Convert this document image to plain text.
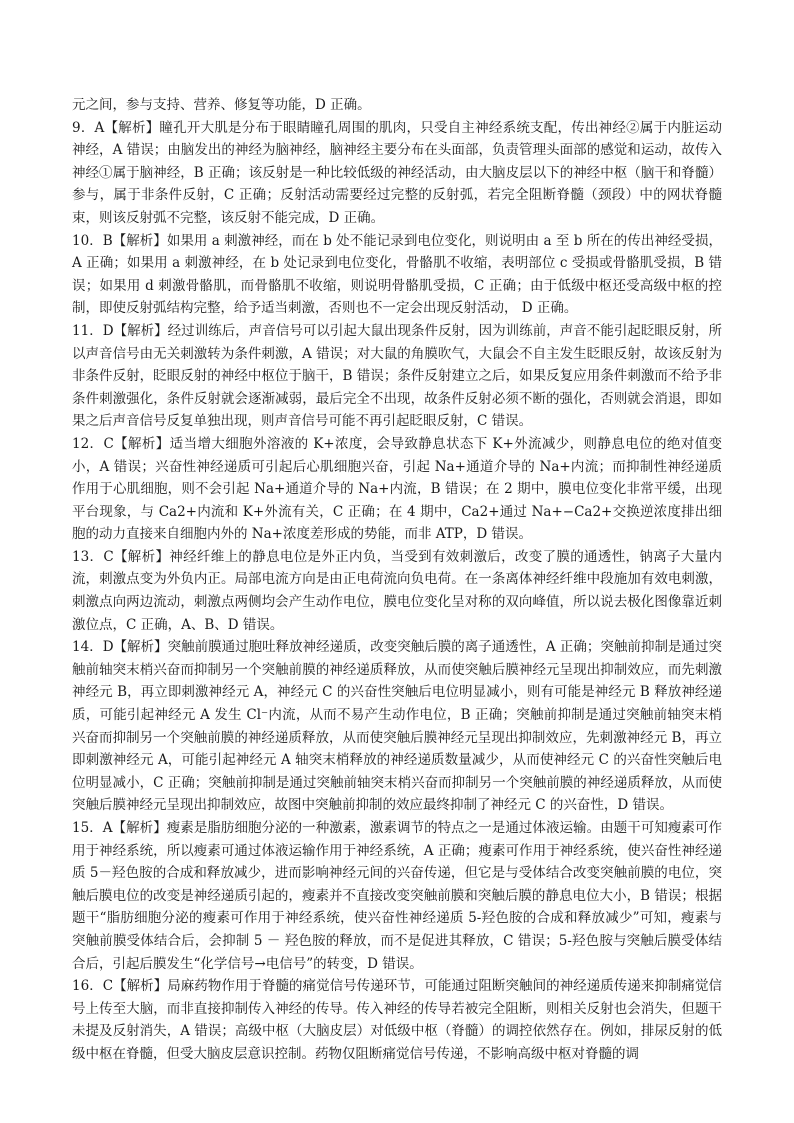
元之间，参与支持、营养、修复等功能，D 正确。

9．A【解析】瞳孔开大肌是分布于眼睛瞳孔周围的肌肉，只受自主神经系统支配，传出神经②属于内脏运动神经，A 错误；由脑发出的神经为脑神经，脑神经主要分布在头面部，负责管理头面部的感觉和运动，故传入神经①属于脑神经，B 正确；该反射是一种比较低级的神经活动，由大脑皮层以下的神经中枢（脑干和脊髓）参与，属于非条件反射，C 正确；反射活动需要经过完整的反射弧，若完全阻断脊髓（颈段）中的网状脊髓束，则该反射弧不完整，该反射不能完成，D 正确。

10．B【解析】如果用 a 刺激神经，而在 b 处不能记录到电位变化，则说明由 a 至 b 所在的传出神经受损，A 正确；如果用 a 刺激神经，在 b 处记录到电位变化，骨骼肌不收缩，表明部位 c 受损或骨骼肌受损，B 错误；如果用 d 刺激骨骼肌，而骨骼肌不收缩，则说明骨骼肌受损，C 正确；由于低级中枢还受高级中枢的控制，即使反射弧结构完整，给予适当刺激，否则也不一定会出现反射活动， D 正确。

11．D【解析】经过训练后，声音信号可以引起大鼠出现条件反射，因为训练前，声音不能引起眨眼反射，所以声音信号由无关刺激转为条件刺激，A 错误；对大鼠的角膜吹气，大鼠会不自主发生眨眼反射，故该反射为非条件反射，眨眼反射的神经中枢位于脑干，B 错误；条件反射建立之后，如果反复应用条件刺激而不给予非条件刺激强化，条件反射就会逐渐减弱，最后完全不出现，故条件反射必须不断的强化，否则就会消退，即如果之后声音信号反复单独出现，则声音信号可能不再引起眨眼反射，C 错误。

12．C【解析】适当增大细胞外溶液的 K+浓度，会导致静息状态下 K+外流减少，则静息电位的绝对值变小，A 错误；兴奋性神经递质可引起后心肌细胞兴奋，引起 Na+通道介导的 Na+内流；而抑制性神经递质作用于心肌细胞，则不会引起 Na+通道介导的 Na+内流，B 错误；在 2 期中，膜电位变化非常平缓，出现平台现象，与 Ca2+内流和 K+外流有关，C 正确；在 4 期中，Ca2+通过 Na+−Ca2+交换逆浓度排出细胞的动力直接来自细胞内外的 Na+浓度差形成的势能，而非 ATP，D 错误。

13．C【解析】神经纤维上的静息电位是外正内负，当受到有效刺激后，改变了膜的通透性，钠离子大量内流，刺激点变为外负内正。局部电流方向是由正电荷流向负电荷。在一条离体神经纤维中段施加有效电刺激，刺激点向两边流动，刺激点两侧均会产生动作电位，膜电位变化呈对称的双向峰值，所以说去极化图像靠近刺激位点，C 正确，A、B、D 错误。

14．D【解析】突触前膜通过胞吐释放神经递质，改变突触后膜的离子通透性，A 正确；突触前抑制是通过突触前轴突末梢兴奋而抑制另一个突触前膜的神经递质释放，从而使突触后膜神经元呈现出抑制效应，而先刺激神经元 B，再立即刺激神经元 A，神经元 C 的兴奋性突触后电位明显减小，则有可能是神经元 B 释放神经递质，可能引起神经元 A 发生 Cl⁻内流，从而不易产生动作电位，B 正确；突触前抑制是通过突触前轴突末梢兴奋而抑制另一个突触前膜的神经递质释放，从而使突触后膜神经元呈现出抑制效应，先刺激神经元 B，再立即刺激神经元 A，可能引起神经元 A 轴突末梢释放的神经递质数量减少，从而使神经元 C 的兴奋性突触后电位明显减小，C 正确；突触前抑制是通过突触前轴突末梢兴奋而抑制另一个突触前膜的神经递质释放，从而使突触后膜神经元呈现出抑制效应，故图中突触前抑制的效应最终抑制了神经元 C 的兴奋性，D 错误。

15．A【解析】瘦素是脂肪细胞分泌的一种激素，激素调节的特点之一是通过体液运输。由题干可知瘦素可作用于神经系统，所以瘦素可通过体液运输作用于神经系统，A 正确；瘦素可作用于神经系统，使兴奋性神经递质 5－羟色胺的合成和释放减少，进而影响神经元间的兴奋传递，但它是与受体结合改变突触前膜的电位，突触后膜电位的改变是神经递质引起的，瘦素并不直接改变突触前膜和突触后膜的静息电位大小，B 错误；根据题干“脂肪细胞分泌的瘦素可作用于神经系统，使兴奋性神经递质 5-羟色胺的合成和释放减少”可知，瘦素与突触前膜受体结合后，会抑制 5 － 羟色胺的释放，而不是促进其释放，C 错误；5-羟色胺与突触后膜受体结合后，引起后膜发生“化学信号→电信号”的转变，D 错误。

16．C【解析】局麻药物作用于脊髓的痛觉信号传递环节，可能通过阻断突触间的神经递质传递来抑制痛觉信号上传至大脑，而非直接抑制传入神经的传导。传入神经的传导若被完全阻断，则相关反射也会消失，但题干未提及反射消失，A 错误；高级中枢（大脑皮层）对低级中枢（脊髓）的调控依然存在。例如，排尿反射的低级中枢在脊髓，但受大脑皮层意识控制。药物仅阻断痛觉信号传递，不影响高级中枢对脊髓的调
